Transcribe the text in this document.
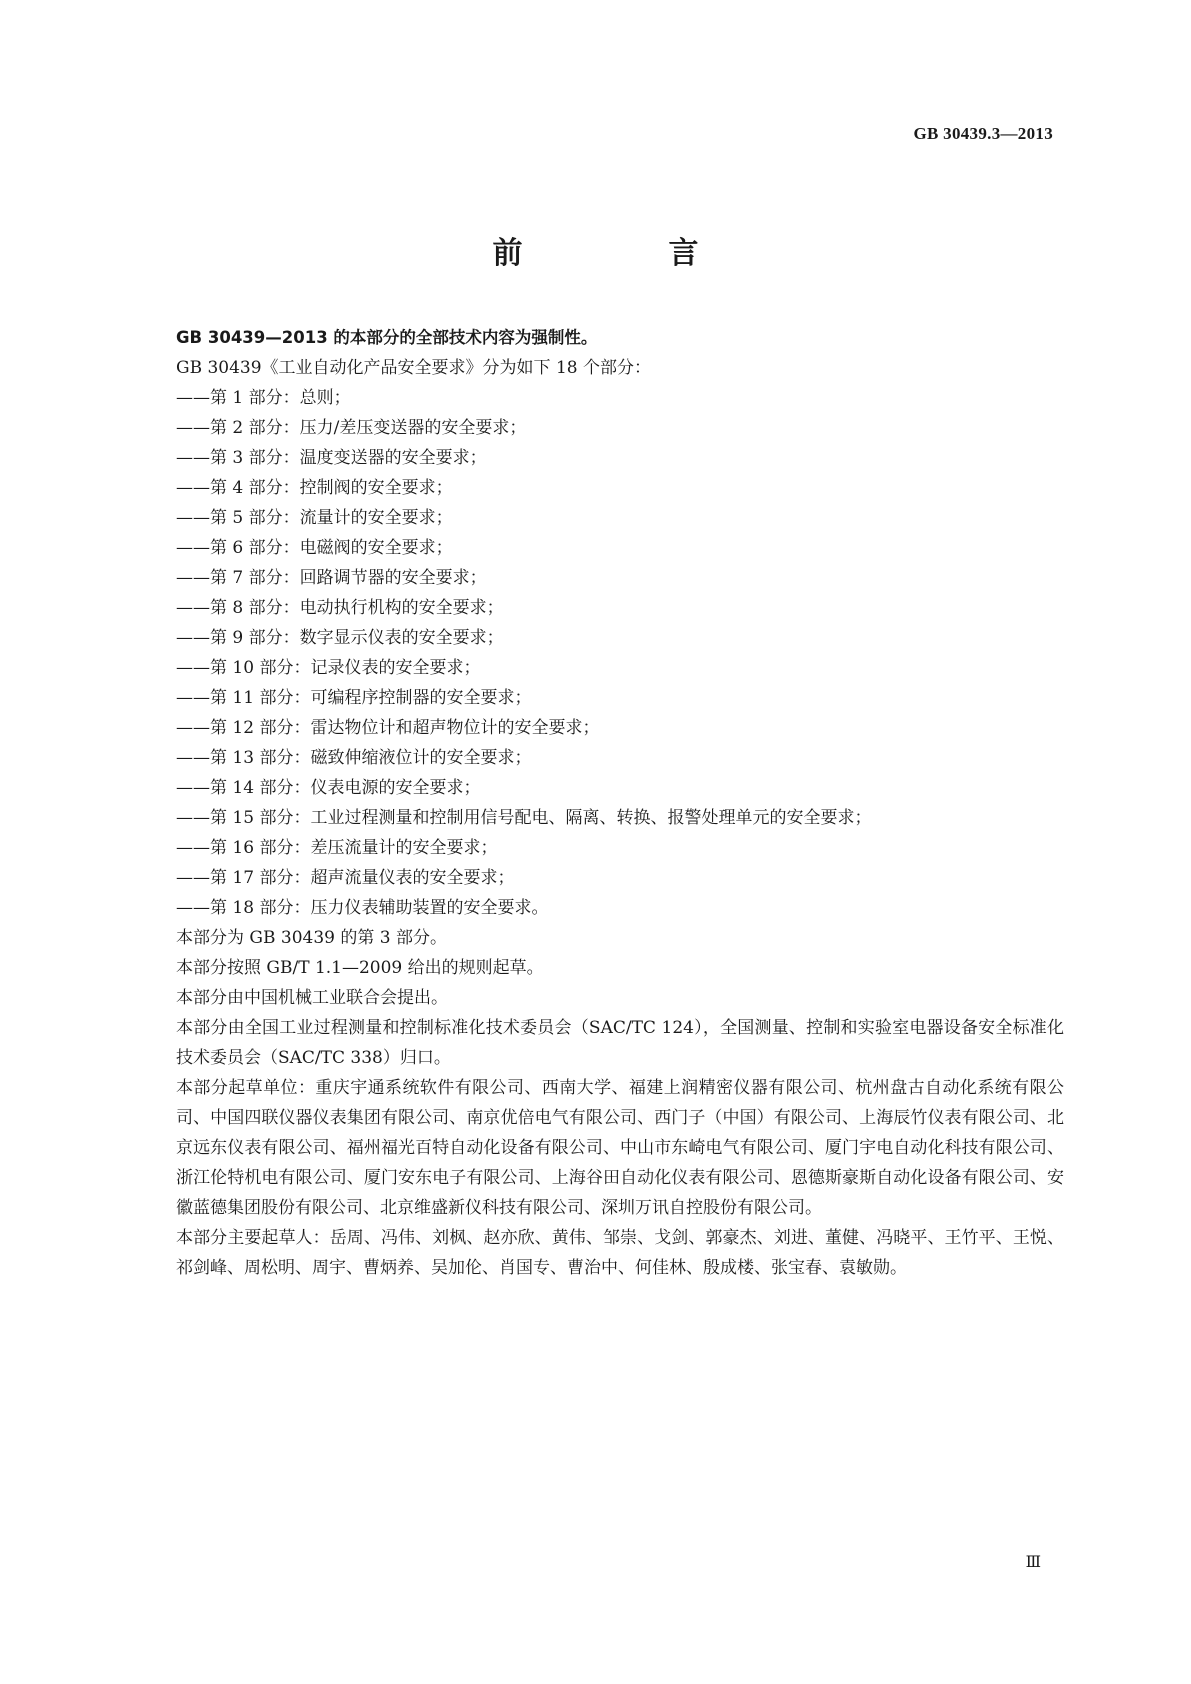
GB 30439.3—2013
前　言

GB 30439—2013 的本部分的全部技术内容为强制性。

GB 30439《工业自动化产品安全要求》分为如下 18 个部分：

——第 1 部分：总则；

——第 2 部分：压力/差压变送器的安全要求；

——第 3 部分：温度变送器的安全要求；

——第 4 部分：控制阀的安全要求；

——第 5 部分：流量计的安全要求；

——第 6 部分：电磁阀的安全要求；

——第 7 部分：回路调节器的安全要求；

——第 8 部分：电动执行机构的安全要求；

——第 9 部分：数字显示仪表的安全要求；

——第 10 部分：记录仪表的安全要求；

——第 11 部分：可编程序控制器的安全要求；

——第 12 部分：雷达物位计和超声物位计的安全要求；

——第 13 部分：磁致伸缩液位计的安全要求；

——第 14 部分：仪表电源的安全要求；

——第 15 部分：工业过程测量和控制用信号配电、隔离、转换、报警处理单元的安全要求；

——第 16 部分：差压流量计的安全要求；

——第 17 部分：超声流量仪表的安全要求；

——第 18 部分：压力仪表辅助装置的安全要求。

本部分为 GB 30439 的第 3 部分。

本部分按照 GB/T 1.1—2009 给出的规则起草。

本部分由中国机械工业联合会提出。

本部分由全国工业过程测量和控制标准化技术委员会（SAC/TC 124），全国测量、控制和实验室电器设备安全标准化技术委员会（SAC/TC 338）归口。

本部分起草单位：重庆宇通系统软件有限公司、西南大学、福建上润精密仪器有限公司、杭州盘古自动化系统有限公司、中国四联仪器仪表集团有限公司、南京优倍电气有限公司、西门子（中国）有限公司、上海辰竹仪表有限公司、北京远东仪表有限公司、福州福光百特自动化设备有限公司、中山市东崎电气有限公司、厦门宇电自动化科技有限公司、浙江伦特机电有限公司、厦门安东电子有限公司、上海谷田自动化仪表有限公司、恩德斯豪斯自动化设备有限公司、安徽蓝德集团股份有限公司、北京维盛新仪科技有限公司、深圳万讯自控股份有限公司。

本部分主要起草人：岳周、冯伟、刘枫、赵亦欣、黄伟、邹崇、戈剑、郭豪杰、刘进、董健、冯晓平、王竹平、王悦、祁剑峰、周松明、周宇、曹炳养、吴加伦、肖国专、曹治中、何佳林、殷成楼、张宝春、袁敏勋。

Ⅲ
